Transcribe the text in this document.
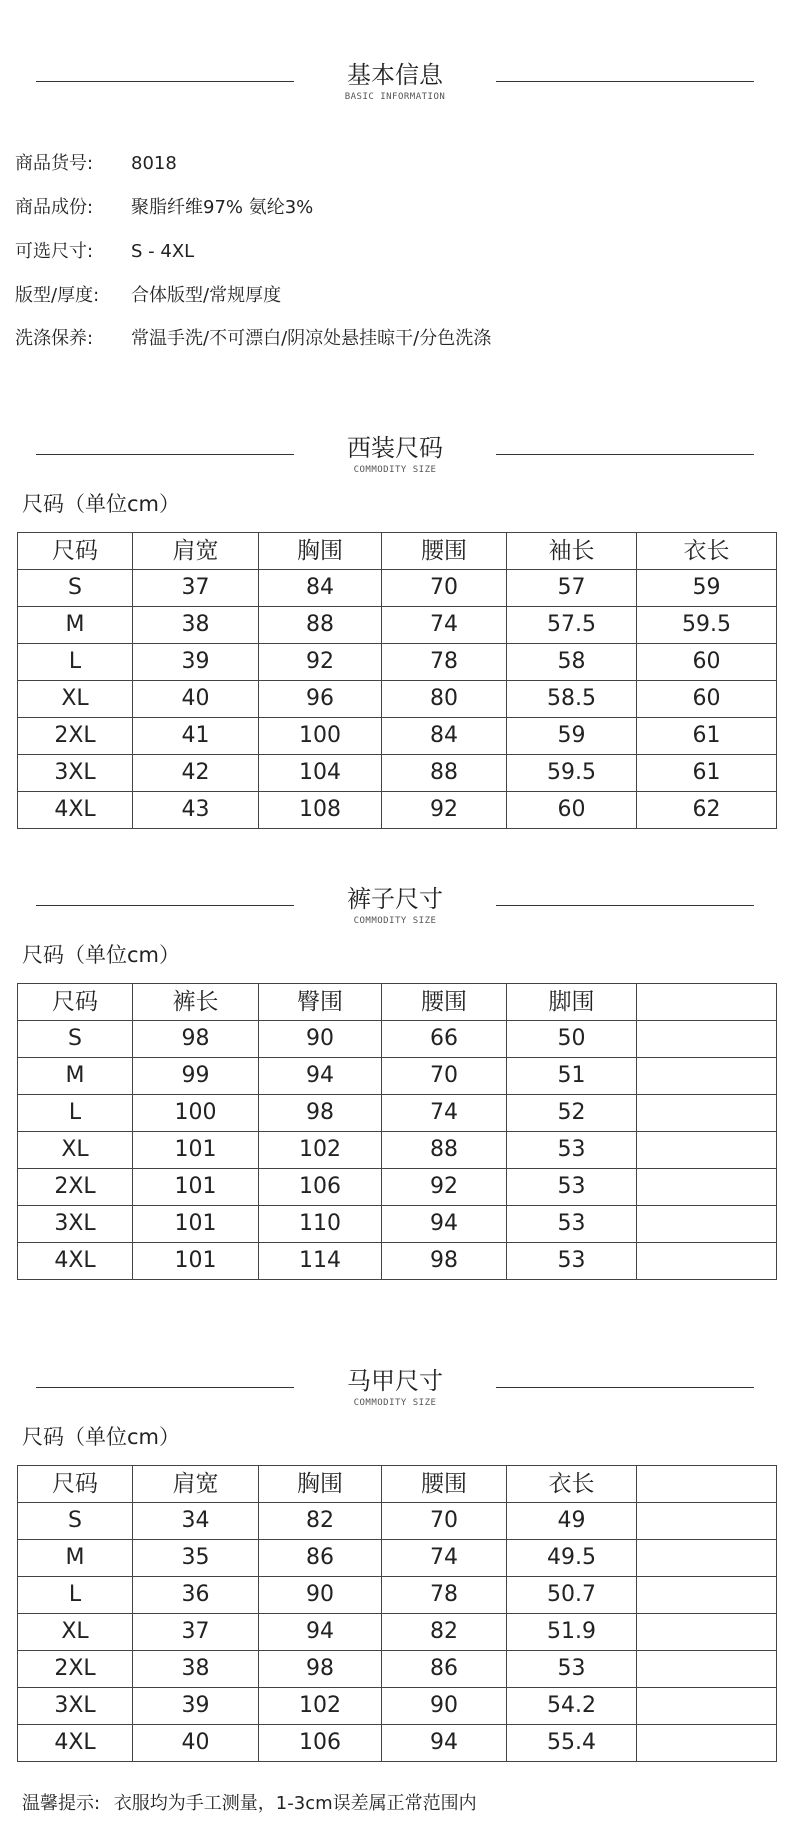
基本信息
BASIC INFORMATION
商品货号:	8018
商品成份:	聚脂纤维97% 氨纶3%
可选尺寸:	S - 4XL
版型/厚度:	合体版型/常规厚度
洗涤保养:	常温手洗/不可漂白/阴凉处悬挂晾干/分色洗涤
西装尺码
COMMODITY SIZE
尺码（单位cm）
尺码	肩宽	胸围	腰围	袖长	衣长
S	37	84	70	57	59
M	38	88	74	57.5	59.5
L	39	92	78	58	60
XL	40	96	80	58.5	60
2XL	41	100	84	59	61
3XL	42	104	88	59.5	61
4XL	43	108	92	60	62
裤子尺寸
COMMODITY SIZE
尺码（单位cm）
尺码	裤长	臀围	腰围	脚围	
S	98	90	66	50	
M	99	94	70	51	
L	100	98	74	52	
XL	101	102	88	53	
2XL	101	106	92	53	
3XL	101	110	94	53	
4XL	101	114	98	53	
马甲尺寸
COMMODITY SIZE
尺码（单位cm）
尺码	肩宽	胸围	腰围	衣长	
S	34	82	70	49	
M	35	86	74	49.5	
L	36	90	78	50.7	
XL	37	94	82	51.9	
2XL	38	98	86	53	
3XL	39	102	90	54.2	
4XL	40	106	94	55.4	
温馨提示: 衣服均为手工测量，1-3cm误差属正常范围内
